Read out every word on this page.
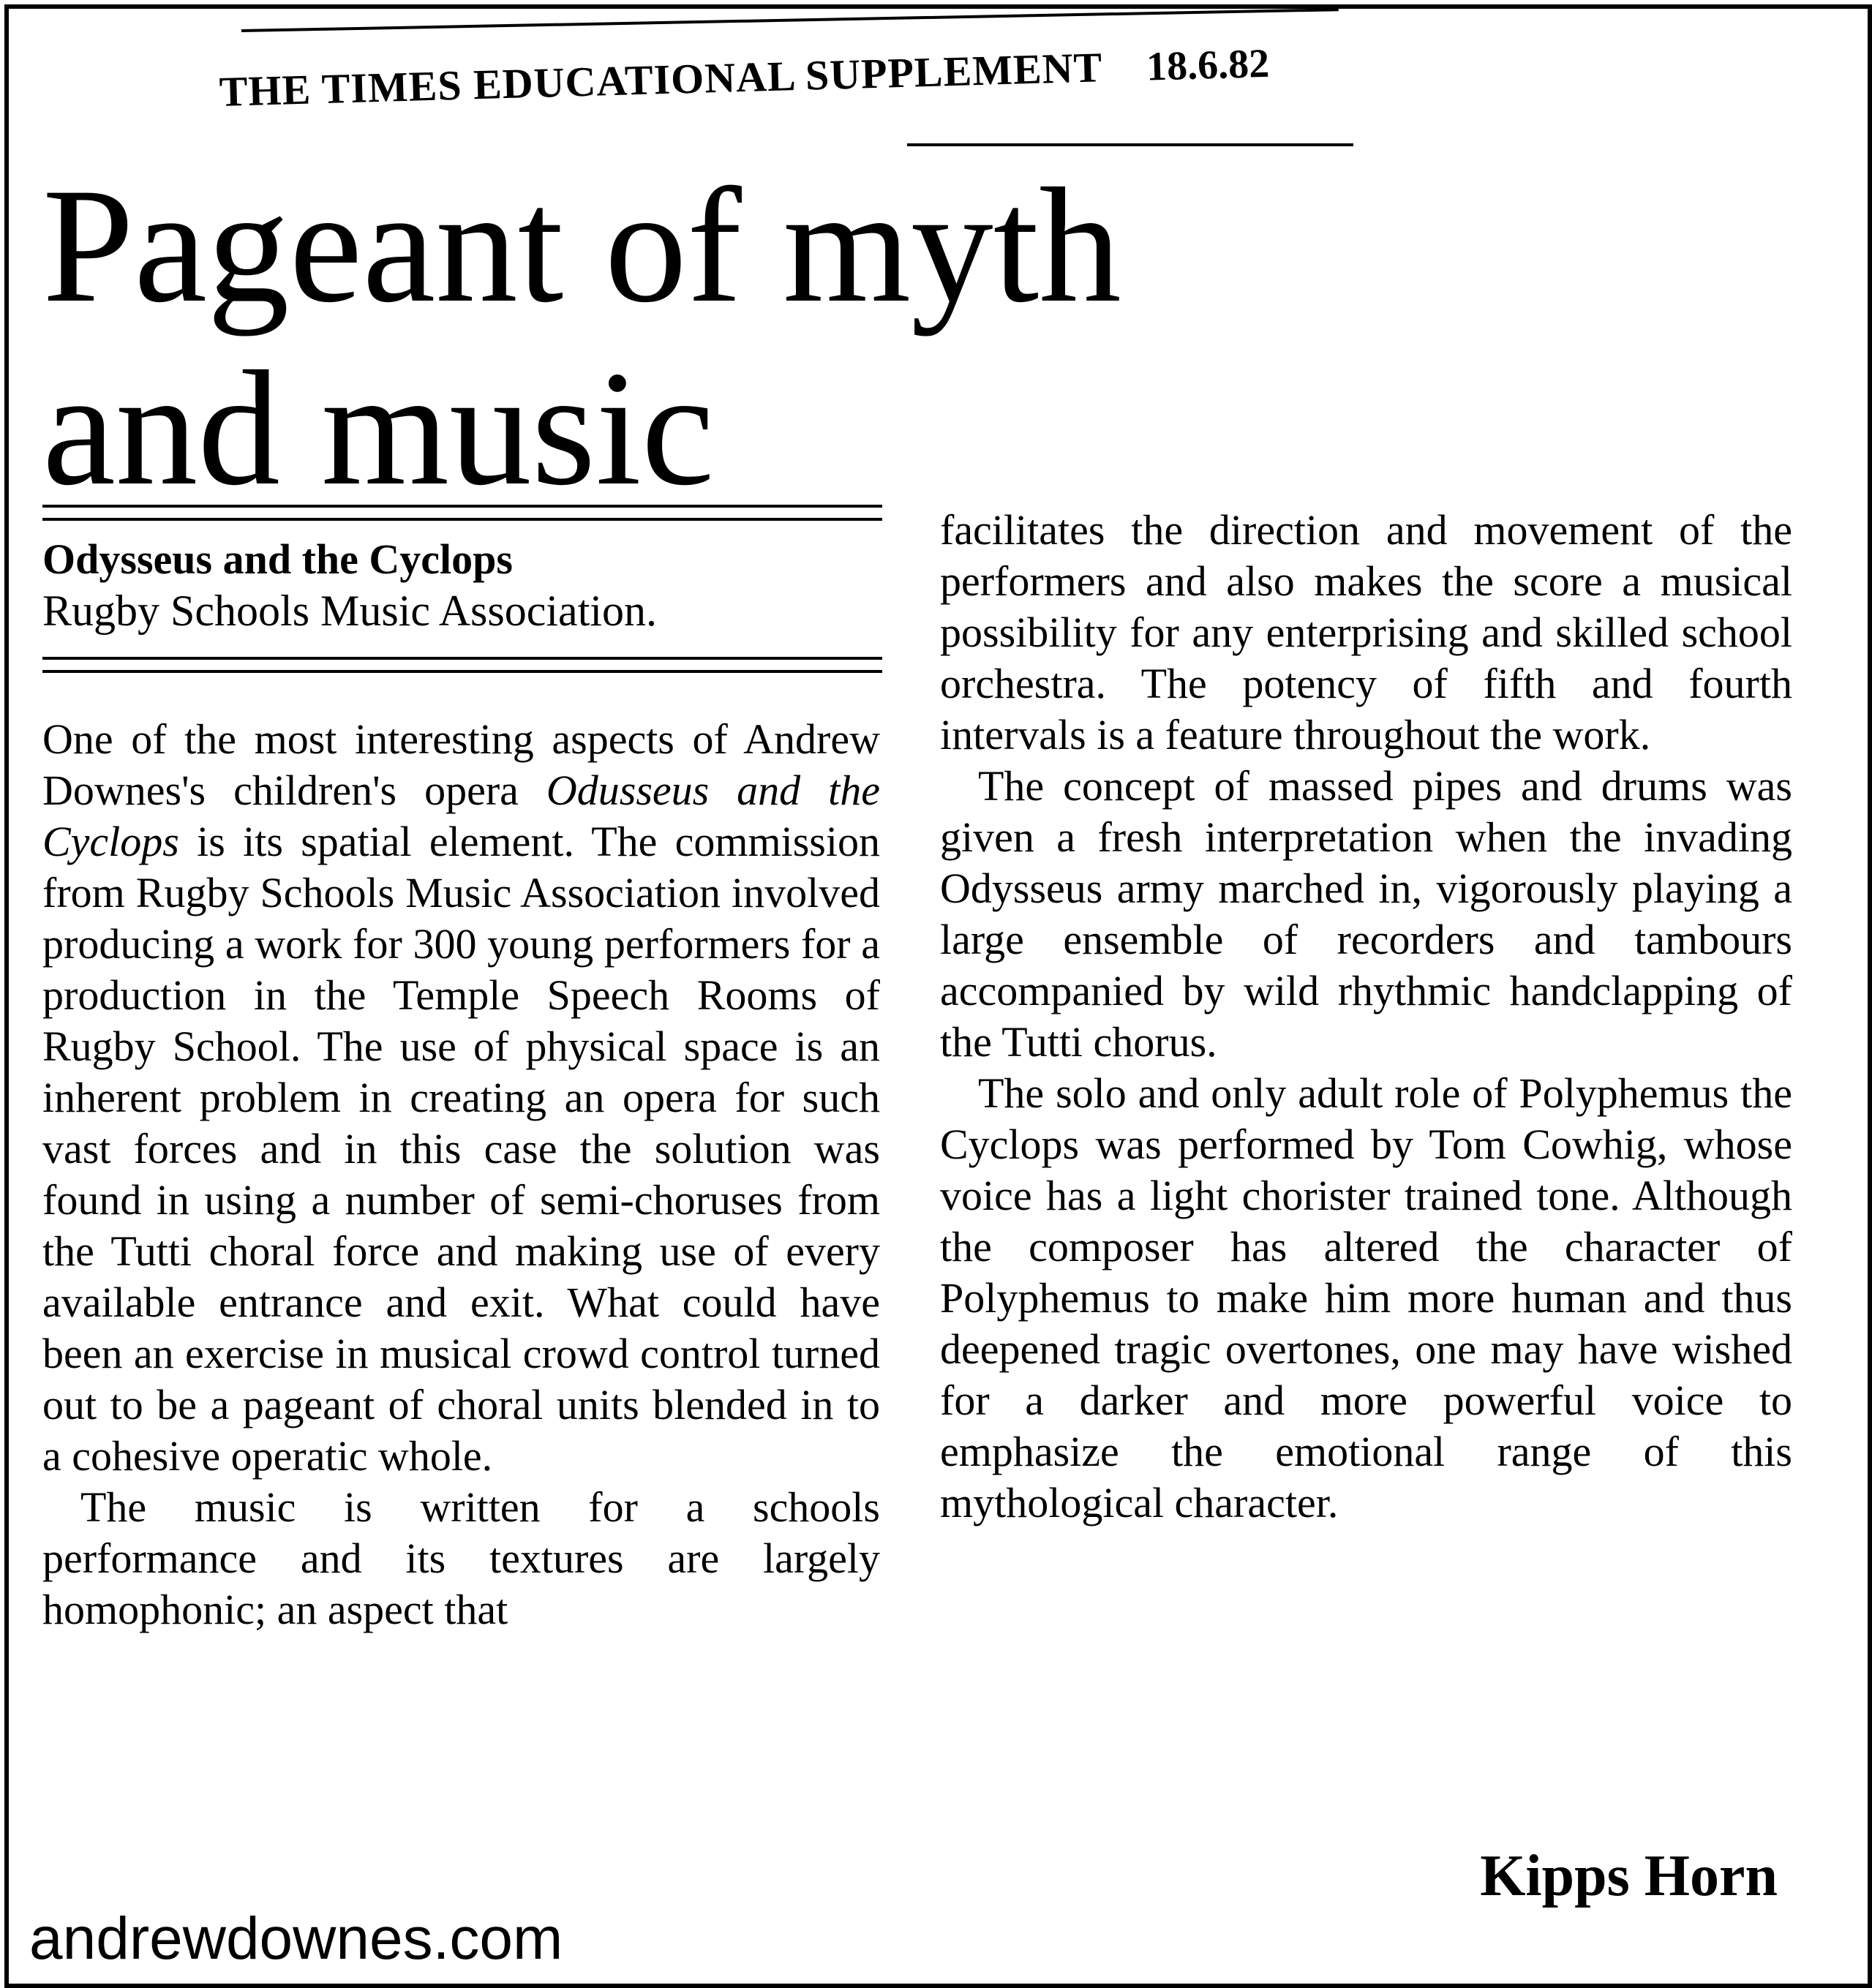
THE TIMES EDUCATIONAL SUPPLEMENT 18.6.82
Pageant of myth
and music
Odysseus and the Cyclops
Rugby Schools Music Association.

One of the most interesting aspects of Andrew Downes's children's opera Odusseus and the Cyclops is its spatial element. The commission from Rugby Schools Music Association involved producing a work for 300 young performers for a production in the Temple Speech Rooms of Rugby School. The use of physical space is an inherent problem in creating an opera for such vast forces and in this case the solution was found in using a number of semi-choruses from the Tutti choral force and making use of every available entrance and exit. What could have been an exercise in musical crowd control turned out to be a pageant of choral units blended in to a cohesive operatic whole.

The music is written for a schools performance and its textures are largely homophonic; an aspect that

facilitates the direction and movement of the performers and also makes the score a musical possibility for any enterprising and skilled school orchestra. The potency of fifth and fourth intervals is a feature throughout the work.

The concept of massed pipes and drums was given a fresh interpretation when the invading Odysseus army marched in, vigorously playing a large ensemble of recorders and tambours accompanied by wild rhythmic handclapping of the Tutti chorus.

The solo and only adult role of Polyphemus the Cyclops was performed by Tom Cowhig, whose voice has a light chorister trained tone. Although the composer has altered the character of Polyphemus to make him more human and thus deepened tragic overtones, one may have wished for a darker and more powerful voice to emphasize the emotional range of this mythological character.

Kipps Horn
andrewdownes.com
